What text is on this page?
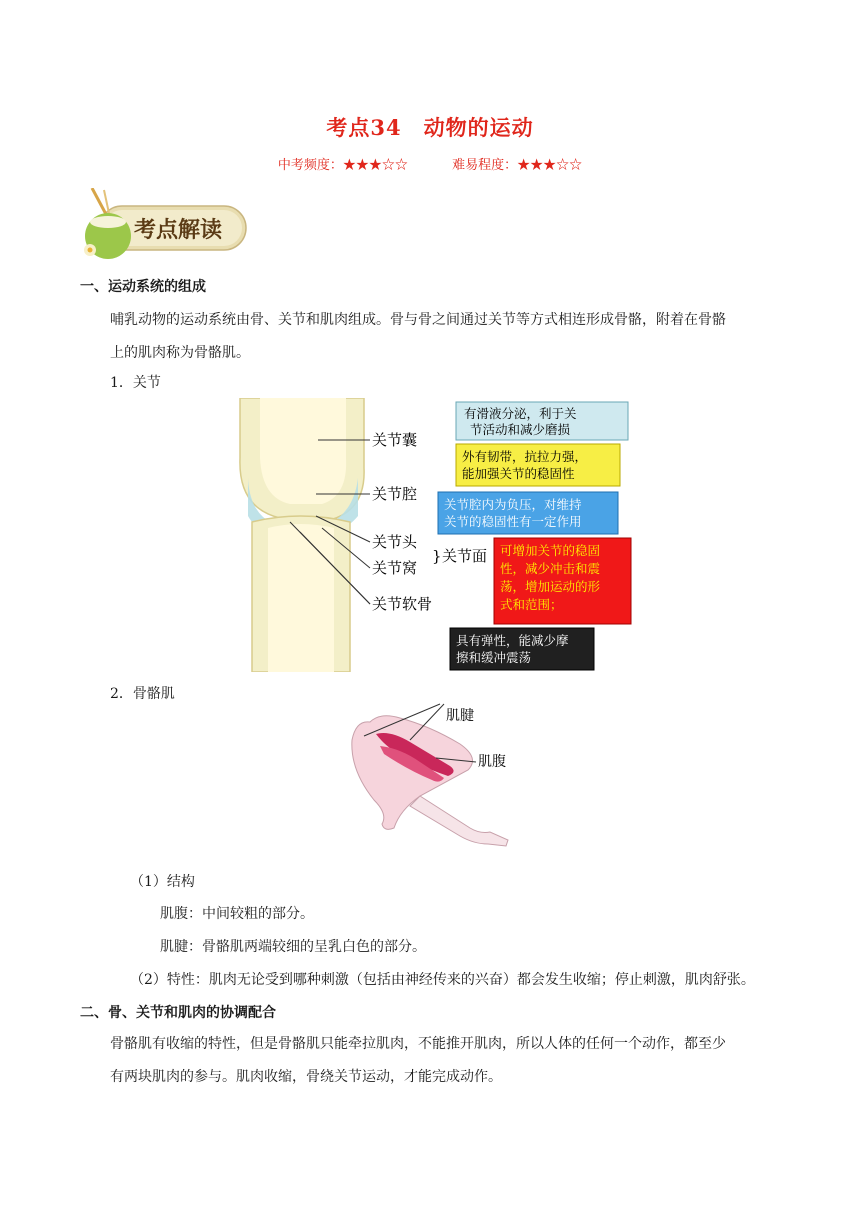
考点34　动物的运动
中考频度：★★★☆☆	难易程度：★★★☆☆
考点解读
一、运动系统的组成
哺乳动物的运动系统由骨、关节和肌肉组成。骨与骨之间通过关节等方式相连形成骨骼，附着在骨骼
上的肌肉称为骨骼肌。
1．关节
关节囊
关节腔
关节头
关节窝
} 关节面
关节软骨
有滑液分泌，利于关
节活动和减少磨损
外有韧带，抗拉力强，
能加强关节的稳固性
关节腔内为负压，对维持
关节的稳固性有一定作用
可增加关节的稳固
性，减少冲击和震
荡，增加运动的形
式和范围；
具有弹性，能减少摩
擦和缓冲震荡
2．骨骼肌
肌腱
肌腹
（1）结构
肌腹：中间较粗的部分。
肌腱：骨骼肌两端较细的呈乳白色的部分。
（2）特性：肌肉无论受到哪种刺激（包括由神经传来的兴奋）都会发生收缩；停止刺激，肌肉舒张。
二、骨、关节和肌肉的协调配合
骨骼肌有收缩的特性，但是骨骼肌只能牵拉肌肉，不能推开肌肉，所以人体的任何一个动作，都至少
有两块肌肉的参与。肌肉收缩，骨绕关节运动，才能完成动作。
